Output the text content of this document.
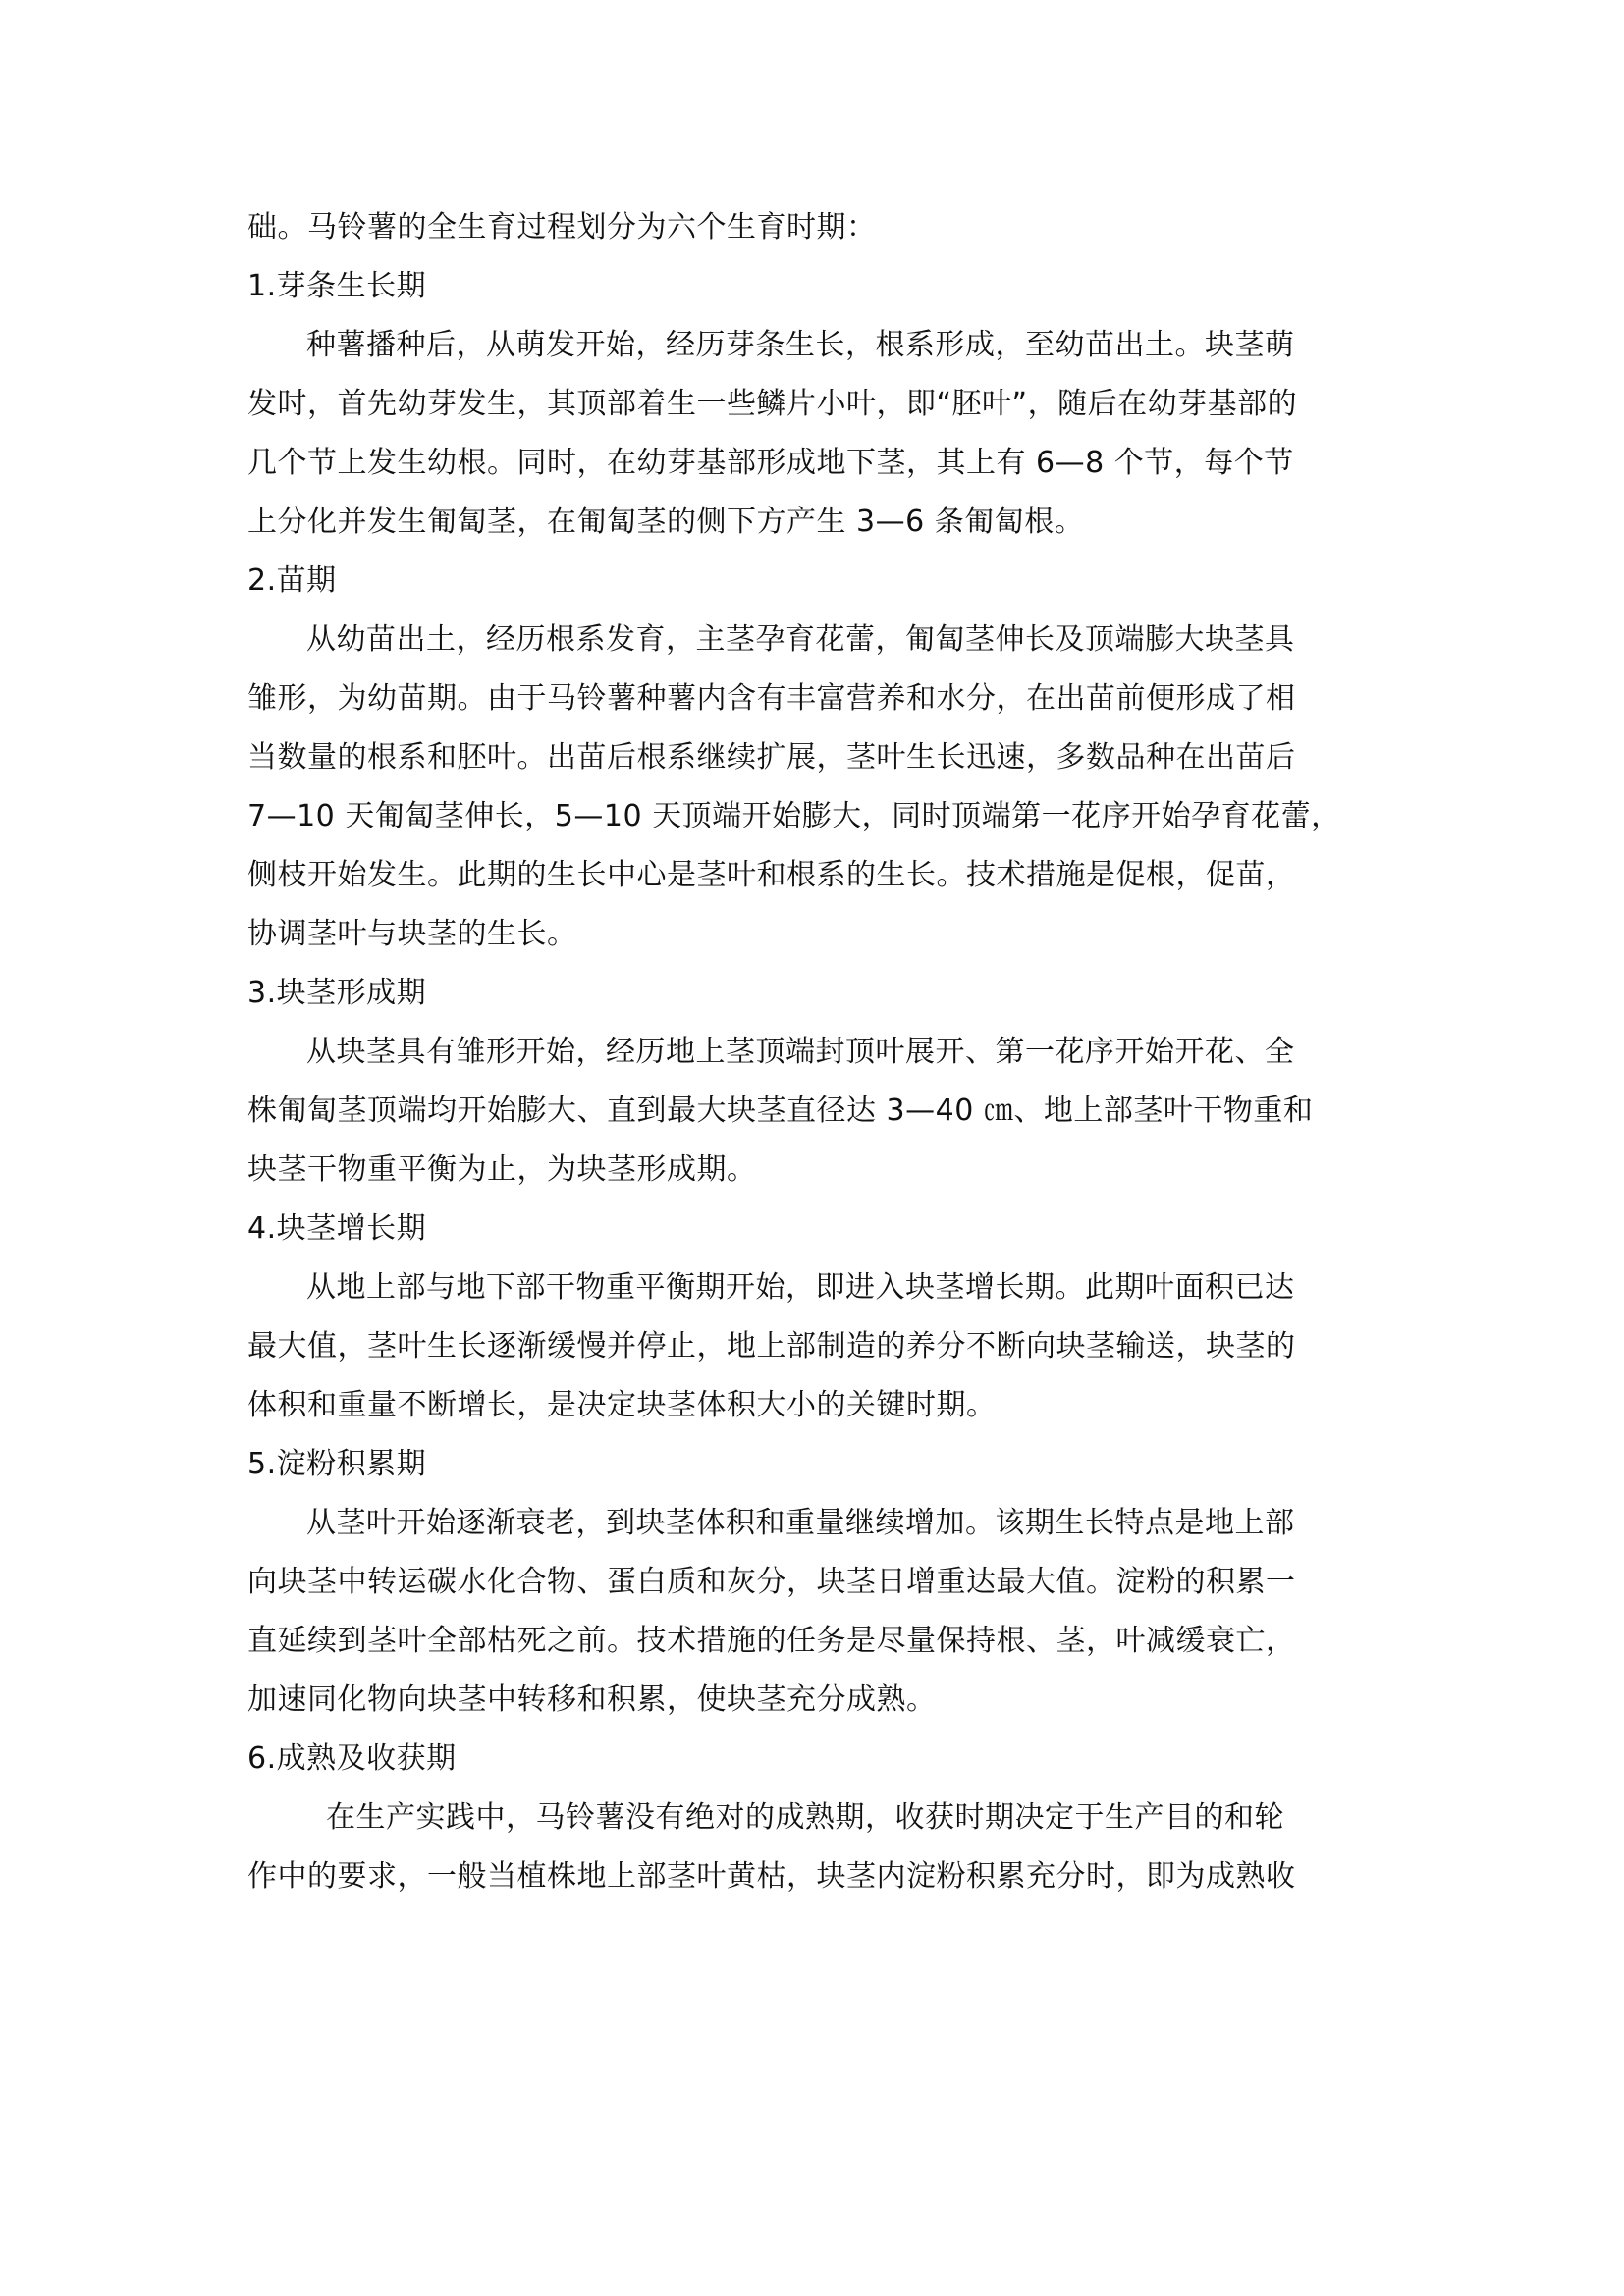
础。马铃薯的全生育过程划分为六个生育时期：
1.芽条生长期
种薯播种后，从萌发开始，经历芽条生长，根系形成，至幼苗出土。块茎萌
发时，首先幼芽发生，其顶部着生一些鳞片小叶，即“胚叶”，随后在幼芽基部的
几个节上发生幼根。同时，在幼芽基部形成地下茎，其上有 6—8 个节，每个节
上分化并发生匍匐茎，在匍匐茎的侧下方产生 3—6 条匍匐根。
2.苗期
从幼苗出土，经历根系发育，主茎孕育花蕾，匍匐茎伸长及顶端膨大块茎具
雏形，为幼苗期。由于马铃薯种薯内含有丰富营养和水分，在出苗前便形成了相
当数量的根系和胚叶。出苗后根系继续扩展，茎叶生长迅速，多数品种在出苗后
7—10 天匍匐茎伸长，5—10 天顶端开始膨大，同时顶端第一花序开始孕育花蕾，
侧枝开始发生。此期的生长中心是茎叶和根系的生长。技术措施是促根，促苗，
协调茎叶与块茎的生长。
3.块茎形成期
从块茎具有雏形开始，经历地上茎顶端封顶叶展开、第一花序开始开花、全
株匍匐茎顶端均开始膨大、直到最大块茎直径达 3—40 ㎝、地上部茎叶干物重和
块茎干物重平衡为止，为块茎形成期。
4.块茎增长期
从地上部与地下部干物重平衡期开始，即进入块茎增长期。此期叶面积已达
最大值，茎叶生长逐渐缓慢并停止，地上部制造的养分不断向块茎输送，块茎的
体积和重量不断增长，是决定块茎体积大小的关键时期。
5.淀粉积累期
从茎叶开始逐渐衰老，到块茎体积和重量继续增加。该期生长特点是地上部
向块茎中转运碳水化合物、蛋白质和灰分，块茎日增重达最大值。淀粉的积累一
直延续到茎叶全部枯死之前。技术措施的任务是尽量保持根、茎，叶减缓衰亡，
加速同化物向块茎中转移和积累，使块茎充分成熟。
6.成熟及收获期
在生产实践中，马铃薯没有绝对的成熟期，收获时期决定于生产目的和轮
作中的要求，一般当植株地上部茎叶黄枯，块茎内淀粉积累充分时，即为成熟收
